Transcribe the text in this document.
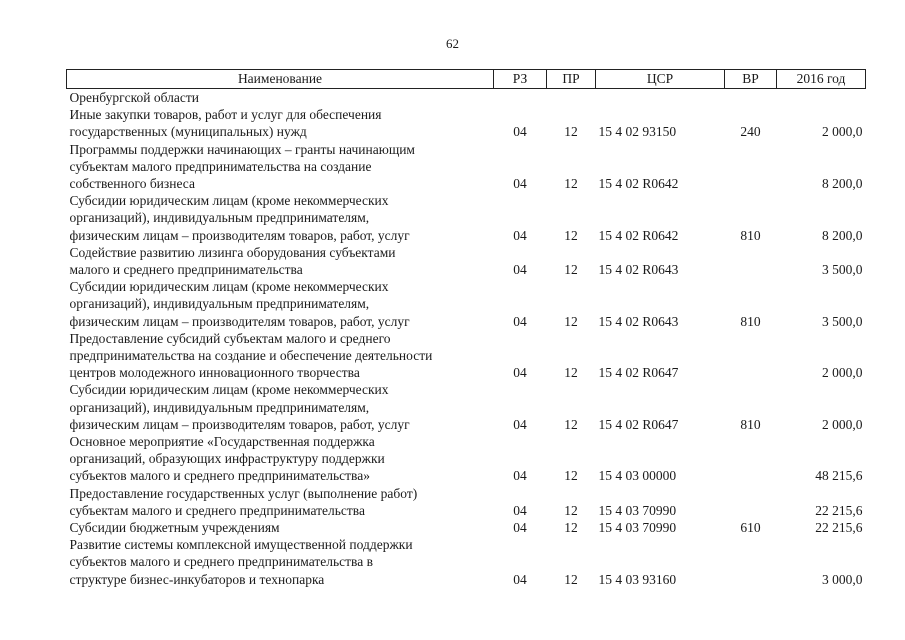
62
Наименование	РЗ	ПР	ЦСР	ВР	2016 год

Оренбургской области					

Иные закупки товаров, работ и услуг для обеспечения
государственных (муниципальных) нужд	04	12	15 4 02 93150	240	2 000,0

Программы поддержки начинающих – гранты начинающим
субъектам малого предпринимательства на создание
собственного бизнеса	04	12	15 4 02 R0642		8 200,0

Субсидии юридическим лицам (кроме некоммерческих
организаций), индивидуальным предпринимателям,
физическим лицам – производителям товаров, работ, услуг	04	12	15 4 02 R0642	810	8 200,0

Содействие развитию лизинга оборудования субъектами
малого и среднего предпринимательства	04	12	15 4 02 R0643		3 500,0

Субсидии юридическим лицам (кроме некоммерческих
организаций), индивидуальным предпринимателям,
физическим лицам – производителям товаров, работ, услуг	04	12	15 4 02 R0643	810	3 500,0

Предоставление субсидий субъектам малого и среднего
предпринимательства на создание и обеспечение деятельности
центров молодежного инновационного творчества	04	12	15 4 02 R0647		2 000,0

Субсидии юридическим лицам (кроме некоммерческих
организаций), индивидуальным предпринимателям,
физическим лицам – производителям товаров, работ, услуг	04	12	15 4 02 R0647	810	2 000,0

Основное мероприятие «Государственная поддержка
организаций, образующих инфраструктуру поддержки
субъектов малого и среднего предпринимательства»	04	12	15 4 03 00000		48 215,6

Предоставление государственных услуг (выполнение работ)
субъектам малого и среднего предпринимательства	04	12	15 4 03 70990		22 215,6

Субсидии бюджетным учреждениям	04	12	15 4 03 70990	610	22 215,6

Развитие системы комплексной имущественной поддержки
субъектов малого и среднего предпринимательства в
структуре бизнес-инкубаторов и технопарка	04	12	15 4 03 93160		3 000,0
